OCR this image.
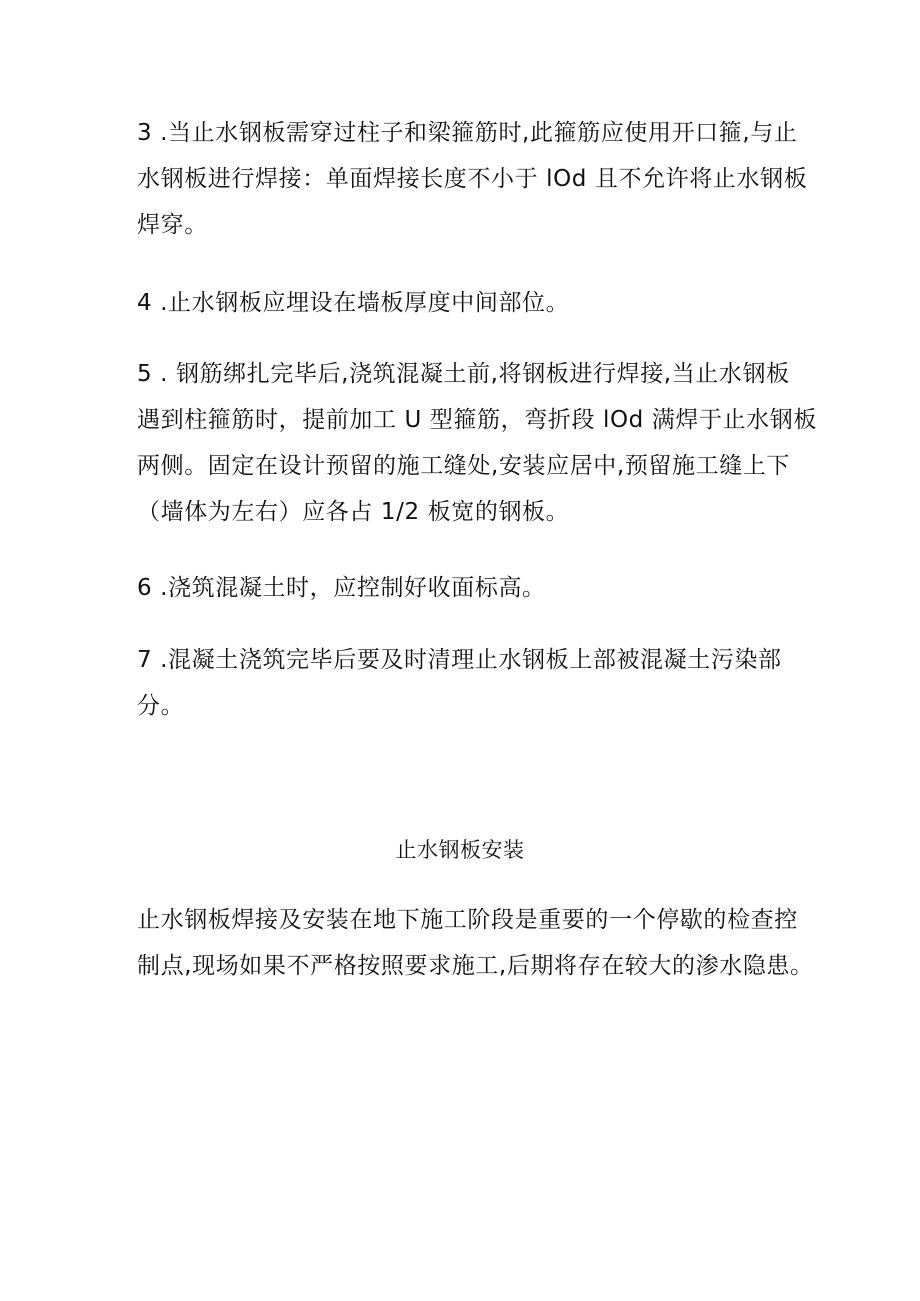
3 .当止水钢板需穿过柱子和梁箍筋时,此箍筋应使用开口箍,与止
水钢板进行焊接：单面焊接长度不小于 lOd 且不允许将止水钢板
焊穿。
4 .止水钢板应埋设在墙板厚度中间部位。
5 . 钢筋绑扎完毕后,浇筑混凝土前,将钢板进行焊接,当止水钢板
遇到柱箍筋时，提前加工 U 型箍筋，弯折段 lOd 满焊于止水钢板
两侧。固定在设计预留的施工缝处,安装应居中,预留施工缝上下
（墙体为左右）应各占 1/2 板宽的钢板。
6 .浇筑混凝土时，应控制好收面标高。
7 .混凝土浇筑完毕后要及时清理止水钢板上部被混凝土污染部
分。
止水钢板安装
止水钢板焊接及安装在地下施工阶段是重要的一个停歇的检查控
制点,现场如果不严格按照要求施工,后期将存在较大的渗水隐患。
